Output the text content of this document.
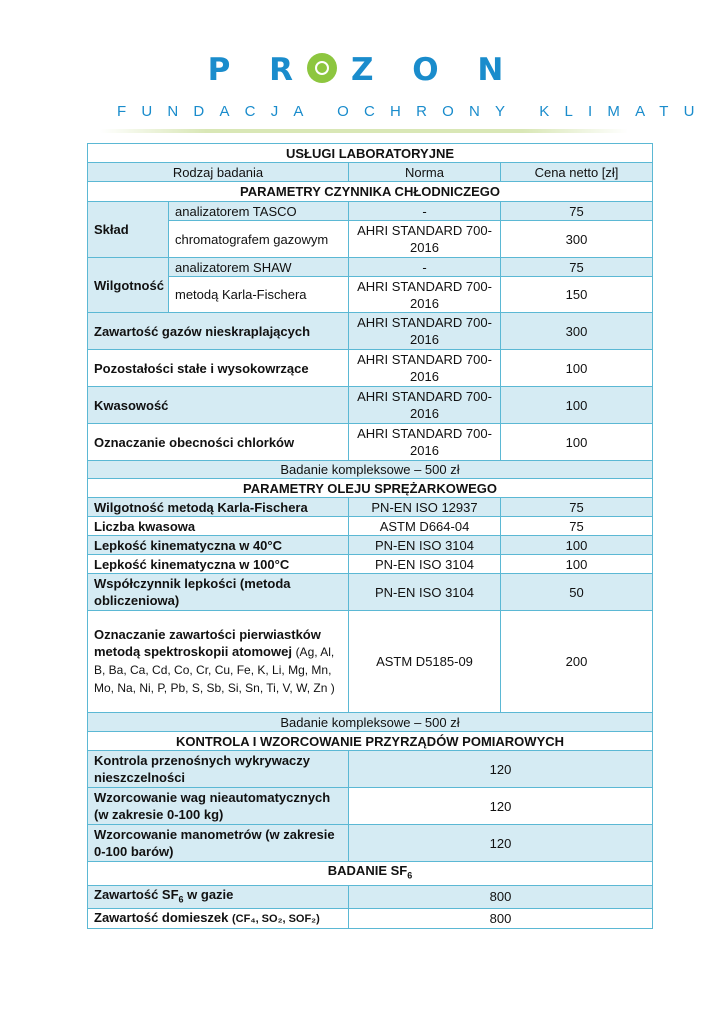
P R Z O N
FUNDACJA OCHRONY KLIMATU
USŁUGI LABORATORYJNE			
Rodzaj badania		Norma	Cena netto [zł]
PARAMETRY CZYNNIKA CHŁODNICZEGO			
Skład	analizatorem TASCO	-	75
	chromatografem gazowym	AHRI STANDARD 700-2016	300
Wilgotność	analizatorem SHAW	-	75
	metodą Karla-Fischera	AHRI STANDARD 700-2016	150
Zawartość gazów nieskraplających		AHRI STANDARD 700-2016	300
Pozostałości stałe i wysokowrzące		AHRI STANDARD 700-2016	100
Kwasowość		AHRI STANDARD 700-2016	100
Oznaczanie obecności chlorków		AHRI STANDARD 700-2016	100
Badanie kompleksowe – 500 zł			
PARAMETRY OLEJU SPRĘŻARKOWEGO			
Wilgotność metodą Karla-Fischera		PN-EN ISO 12937	75
Liczba kwasowa		ASTM D664-04	75
Lepkość kinematyczna w 40°C		PN-EN ISO 3104	100
Lepkość kinematyczna w 100°C		PN-EN ISO 3104	100
Współczynnik lepkości (metoda obliczeniowa)		PN-EN ISO 3104	50
Oznaczanie zawartości pierwiastków metodą spektroskopii atomowej (Ag, Al, B, Ba, Ca, Cd, Co, Cr, Cu, Fe, K, Li, Mg, Mn, Mo, Na, Ni, P, Pb, S, Sb, Si, Sn, Ti, V, W, Zn )		ASTM D5185-09	200
Badanie kompleksowe – 500 zł			
KONTROLA I WZORCOWANIE PRZYRZĄDÓW POMIAROWYCH			
Kontrola przenośnych wykrywaczy nieszczelności		120	
Wzorcowanie wag nieautomatycznych (w zakresie 0-100 kg)		120	
Wzorcowanie manometrów (w zakresie 0-100 barów)		120	
BADANIE $SF_6$
Zawartość $SF_6$ w gazie		800	
Zawartość domieszek (CF₄, SO₂, SOF₂)		800	
